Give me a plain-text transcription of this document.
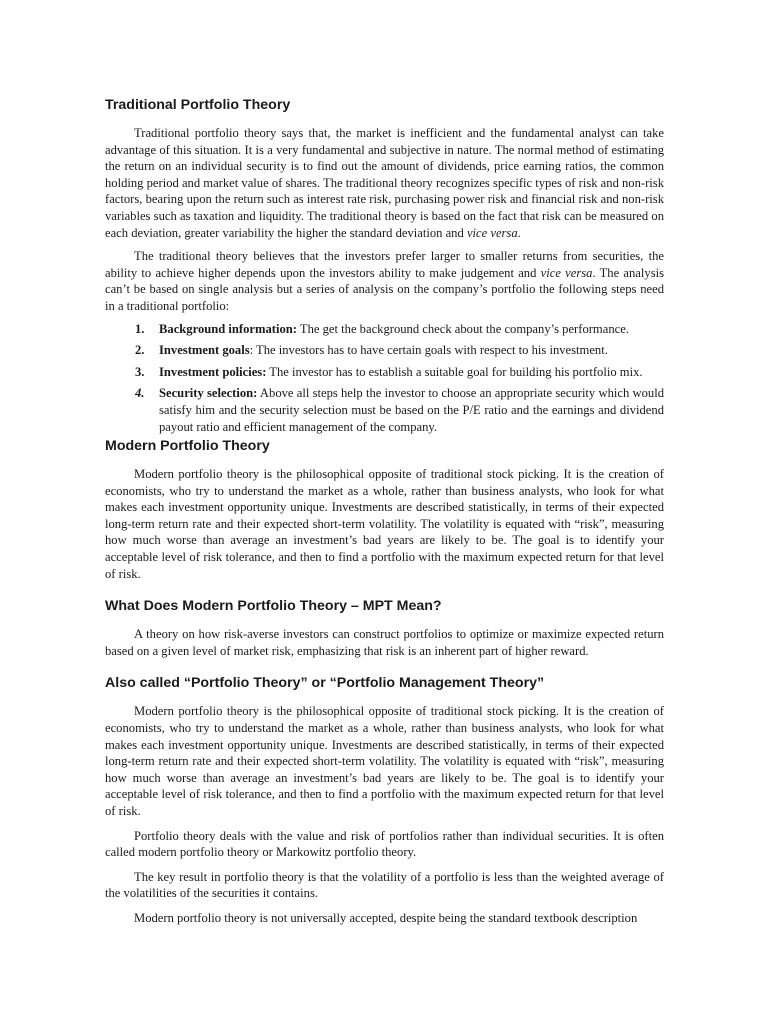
Traditional Portfolio Theory

Traditional portfolio theory says that, the market is inefficient and the fundamental analyst can take advantage of this situation. It is a very fundamental and subjective in nature. The normal method of estimating the return on an individual security is to find out the amount of dividends, price earning ratios, the common holding period and market value of shares. The traditional theory recognizes specific types of risk and non-risk factors, bearing upon the return such as interest rate risk, purchasing power risk and financial risk and non-risk variables such as taxation and liquidity. The traditional theory is based on the fact that risk can be measured on each deviation, greater variability the higher the standard deviation and vice versa.

The traditional theory believes that the investors prefer larger to smaller returns from securities, the ability to achieve higher depends upon the investors ability to make judgement and vice versa. The analysis can’t be based on single analysis but a series of analysis on the company’s portfolio the following steps need in a traditional portfolio:

1. Background information: The get the background check about the company’s performance.
2. Investment goals: The investors has to have certain goals with respect to his investment.
3. Investment policies: The investor has to establish a suitable goal for building his portfolio mix.
4. Security selection: Above all steps help the investor to choose an appropriate security which would satisfy him and the security selection must be based on the P/E ratio and the earnings and dividend payout ratio and efficient management of the company.
Modern Portfolio Theory

Modern portfolio theory is the philosophical opposite of traditional stock picking. It is the creation of economists, who try to understand the market as a whole, rather than business analysts, who look for what makes each investment opportunity unique. Investments are described statistically, in terms of their expected long-term return rate and their expected short-term volatility. The volatility is equated with “risk”, measuring how much worse than average an investment’s bad years are likely to be. The goal is to identify your acceptable level of risk tolerance, and then to find a portfolio with the maximum expected return for that level of risk.

What Does Modern Portfolio Theory – MPT Mean?

A theory on how risk-averse investors can construct portfolios to optimize or maximize expected return based on a given level of market risk, emphasizing that risk is an inherent part of higher reward.

Also called “Portfolio Theory” or “Portfolio Management Theory”

Modern portfolio theory is the philosophical opposite of traditional stock picking. It is the creation of economists, who try to understand the market as a whole, rather than business analysts, who look for what makes each investment opportunity unique. Investments are described statistically, in terms of their expected long-term return rate and their expected short-term volatility. The volatility is equated with “risk”, measuring how much worse than average an investment’s bad years are likely to be. The goal is to identify your acceptable level of risk tolerance, and then to find a portfolio with the maximum expected return for that level of risk.

Portfolio theory deals with the value and risk of portfolios rather than individual securities. It is often called modern portfolio theory or Markowitz portfolio theory.

The key result in portfolio theory is that the volatility of a portfolio is less than the weighted average of the volatilities of the securities it contains.

Modern portfolio theory is not universally accepted, despite being the standard textbook description
